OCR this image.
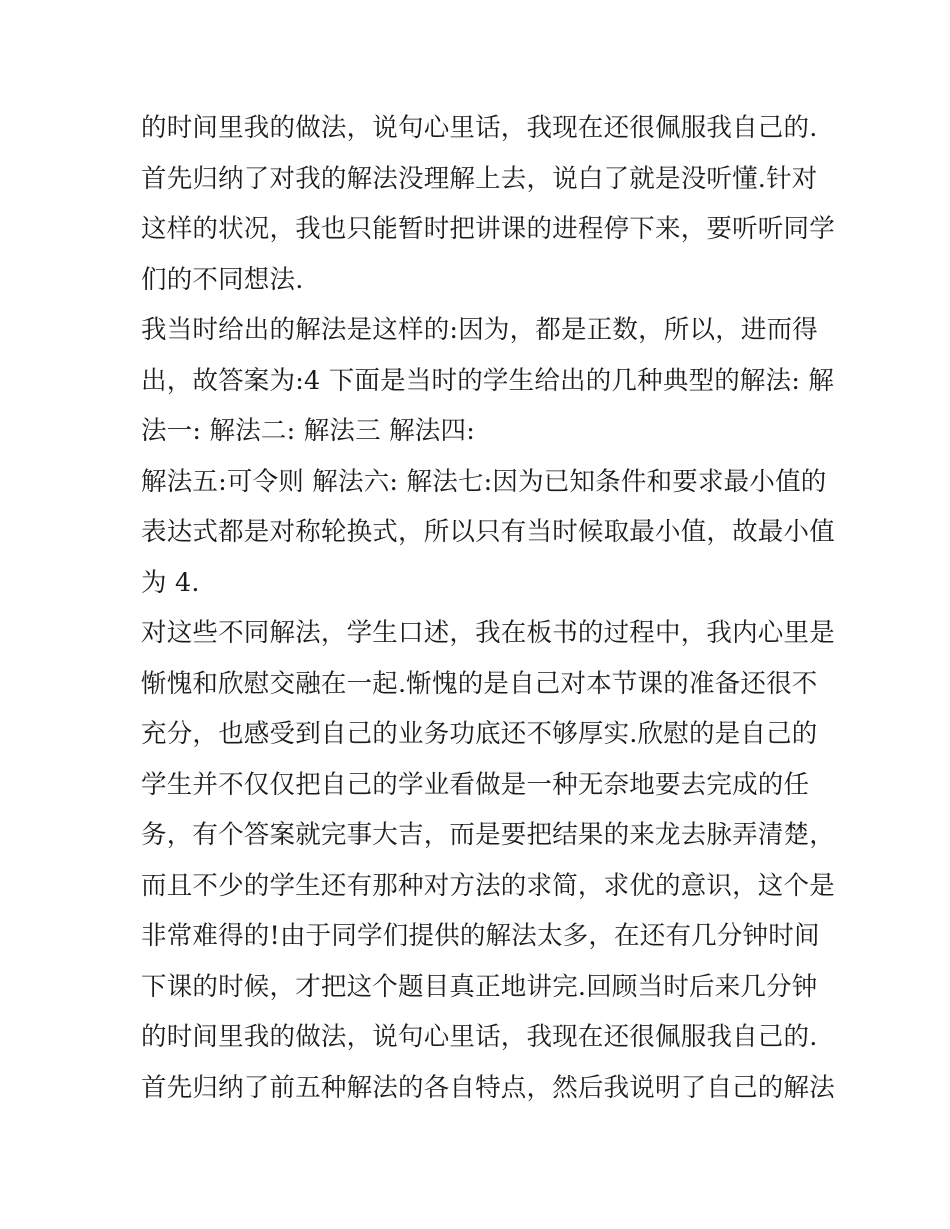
的时间里我的做法，说句心里话，我现在还很佩服我自己的.
首先归纳了对我的解法没理解上去，说白了就是没听懂.针对
这样的状况，我也只能暂时把讲课的进程停下来，要听听同学
们的不同想法.
我当时给出的解法是这样的:因为，都是正数，所以，进而得
出，故答案为:4 下面是当时的学生给出的几种典型的解法: 解
法一: 解法二: 解法三 解法四:
解法五:可令则 解法六: 解法七:因为已知条件和要求最小值的
表达式都是对称轮换式，所以只有当时候取最小值，故最小值
为 4.
对这些不同解法，学生口述，我在板书的过程中，我内心里是
惭愧和欣慰交融在一起.惭愧的是自己对本节课的准备还很不
充分，也感受到自己的业务功底还不够厚实.欣慰的是自己的
学生并不仅仅把自己的学业看做是一种无奈地要去完成的任
务，有个答案就完事大吉，而是要把结果的来龙去脉弄清楚，
而且不少的学生还有那种对方法的求简，求优的意识，这个是
非常难得的!由于同学们提供的解法太多，在还有几分钟时间
下课的时候，才把这个题目真正地讲完.回顾当时后来几分钟
的时间里我的做法，说句心里话，我现在还很佩服我自己的.
首先归纳了前五种解法的各自特点，然后我说明了自己的解法
